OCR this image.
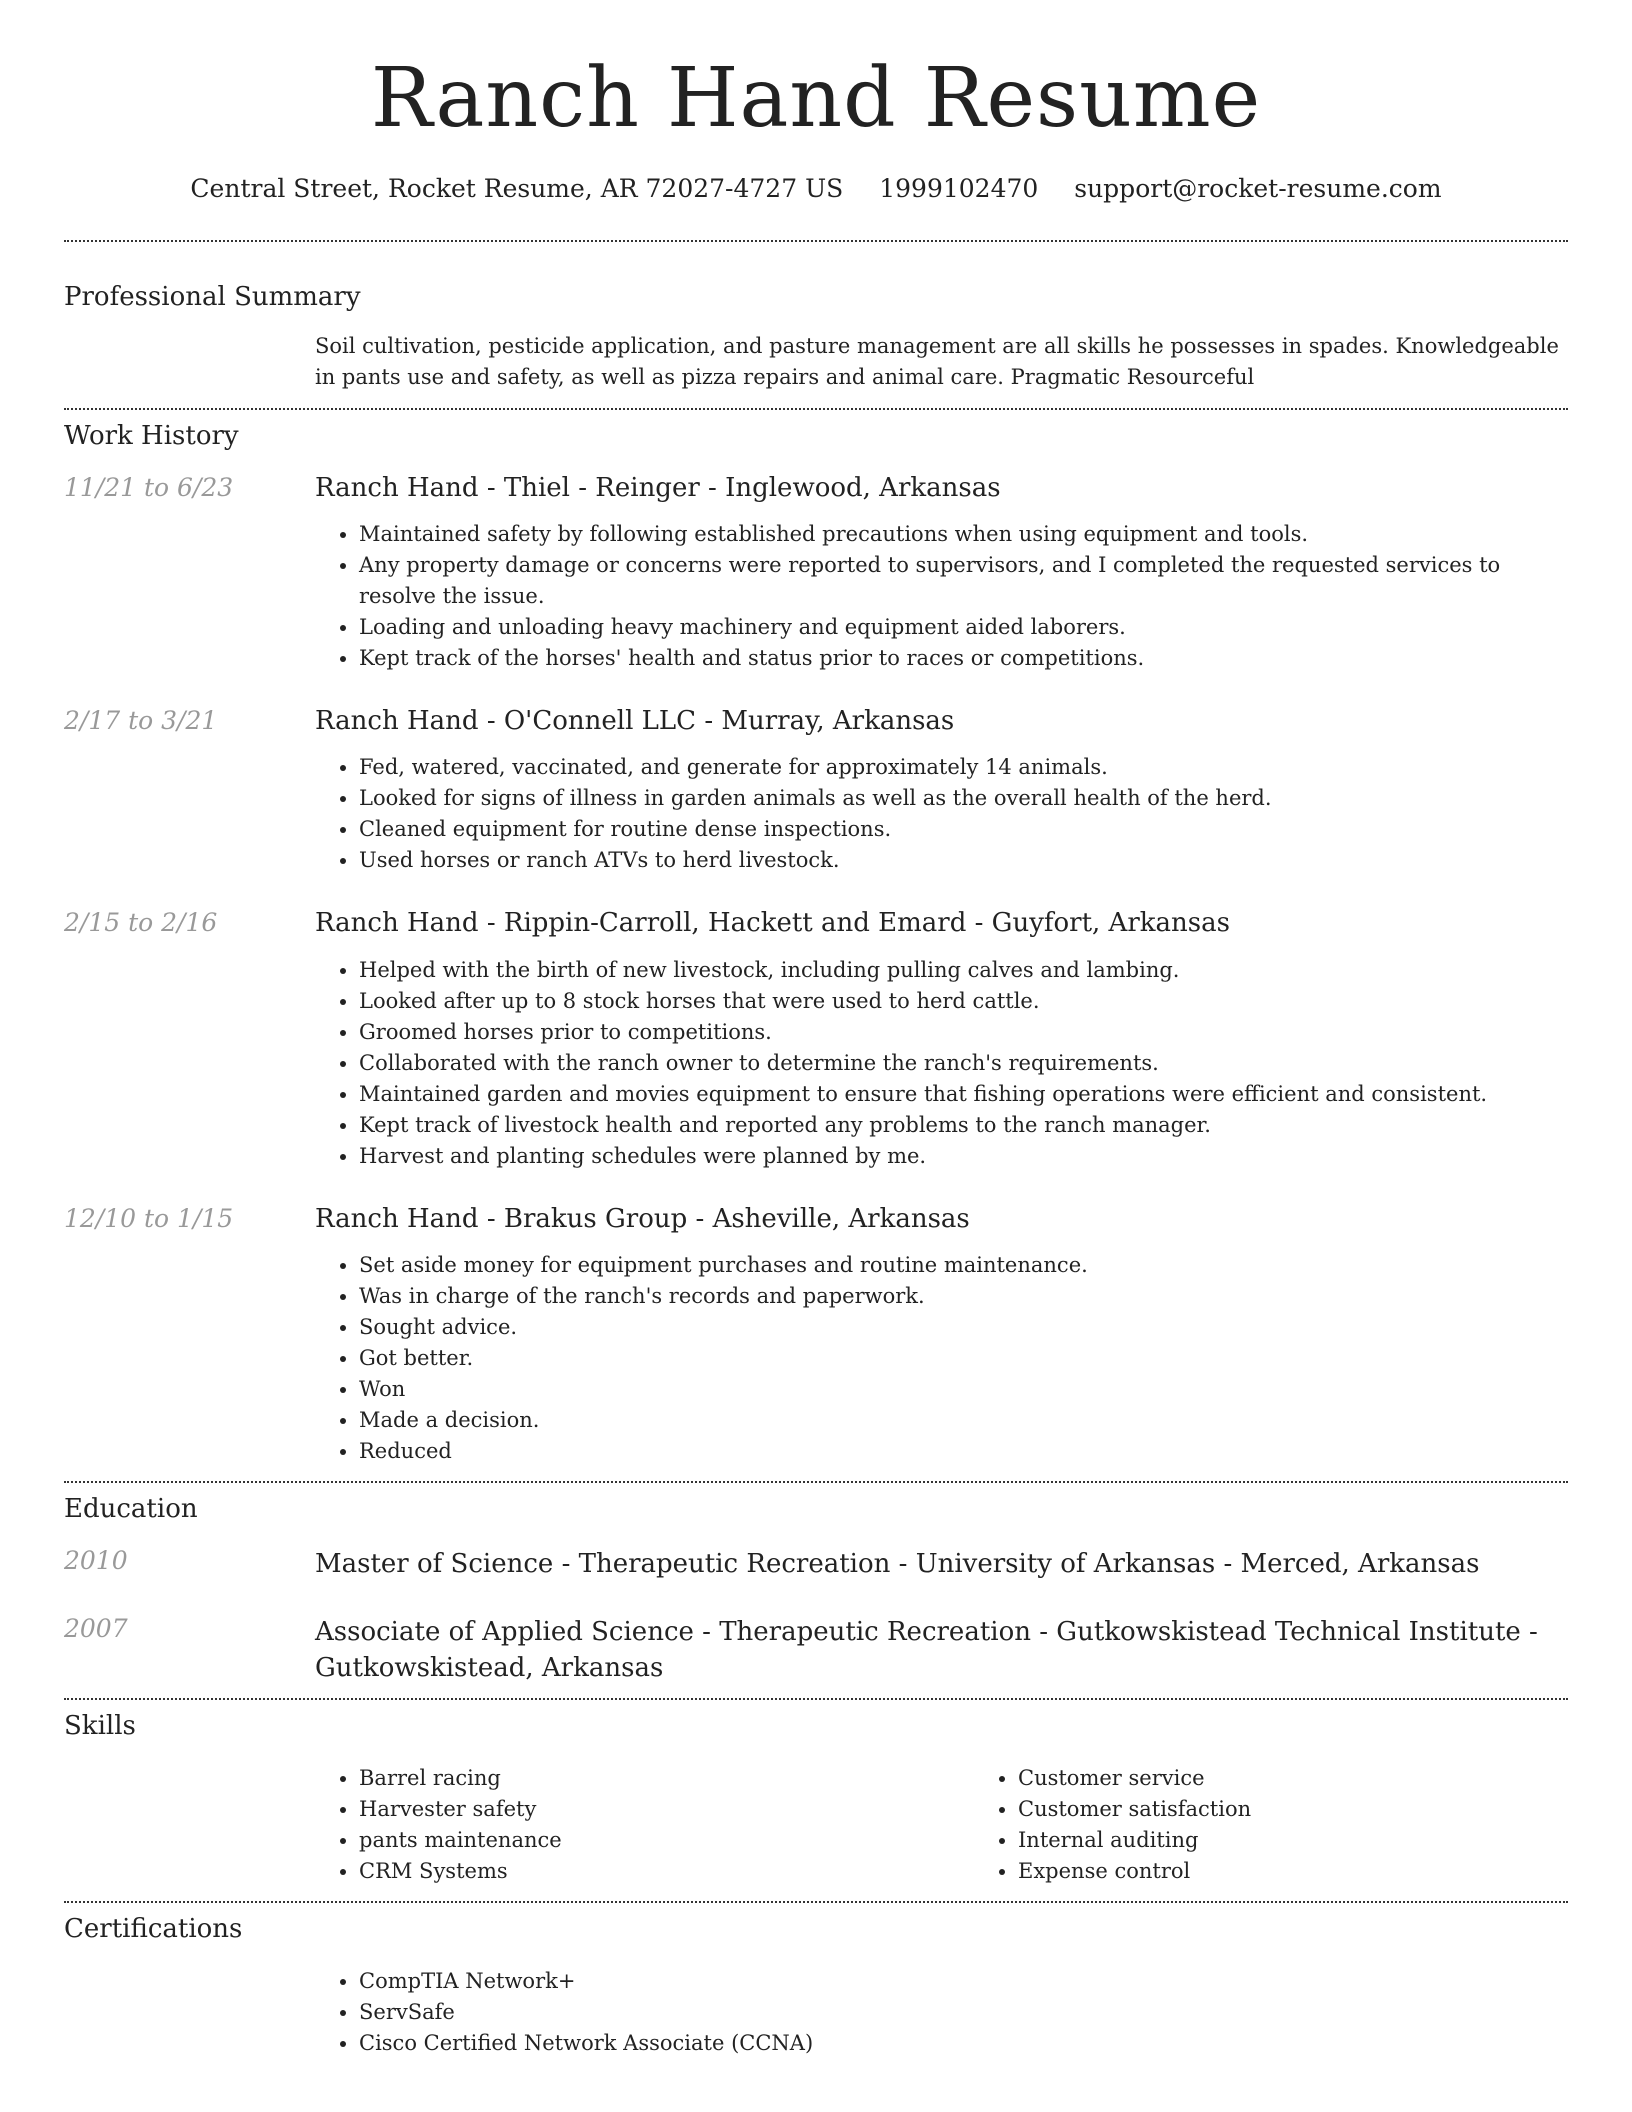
Ranch Hand Resume
Central Street, Rocket Resume, AR 72027-4727 US 1999102470 support@rocket-resume.com
Professional Summary
Soil cultivation, pesticide application, and pasture management are all skills he possesses in spades. Knowledgeable in pants use and safety, as well as pizza repairs and animal care. Pragmatic Resourceful
Work History
11/21 to 6/23	Ranch Hand - Thiel - Reinger - Inglewood, Arkansas
• Maintained safety by following established precautions when using equipment and tools.
• Any property damage or concerns were reported to supervisors, and I completed the requested services to resolve the issue.
• Loading and unloading heavy machinery and equipment aided laborers.
• Kept track of the horses' health and status prior to races or competitions.
2/17 to 3/21	Ranch Hand - O'Connell LLC - Murray, Arkansas
• Fed, watered, vaccinated, and generate for approximately 14 animals.
• Looked for signs of illness in garden animals as well as the overall health of the herd.
• Cleaned equipment for routine dense inspections.
• Used horses or ranch ATVs to herd livestock.
2/15 to 2/16	Ranch Hand - Rippin-Carroll, Hackett and Emard - Guyfort, Arkansas
• Helped with the birth of new livestock, including pulling calves and lambing.
• Looked after up to 8 stock horses that were used to herd cattle.
• Groomed horses prior to competitions.
• Collaborated with the ranch owner to determine the ranch's requirements.
• Maintained garden and movies equipment to ensure that fishing operations were efficient and consistent.
• Kept track of livestock health and reported any problems to the ranch manager.
• Harvest and planting schedules were planned by me.
12/10 to 1/15	Ranch Hand - Brakus Group - Asheville, Arkansas
• Set aside money for equipment purchases and routine maintenance.
• Was in charge of the ranch's records and paperwork.
• Sought advice.
• Got better.
• Won
• Made a decision.
• Reduced
Education
2010	Master of Science - Therapeutic Recreation - University of Arkansas - Merced, Arkansas
2007	Associate of Applied Science - Therapeutic Recreation - Gutkowskistead Technical Institute - Gutkowskistead, Arkansas
Skills
• Barrel racing
• Harvester safety
• pants maintenance
• CRM Systems
• Customer service
• Customer satisfaction
• Internal auditing
• Expense control
Certifications
• CompTIA Network+
• ServSafe
• Cisco Certified Network Associate (CCNA)
